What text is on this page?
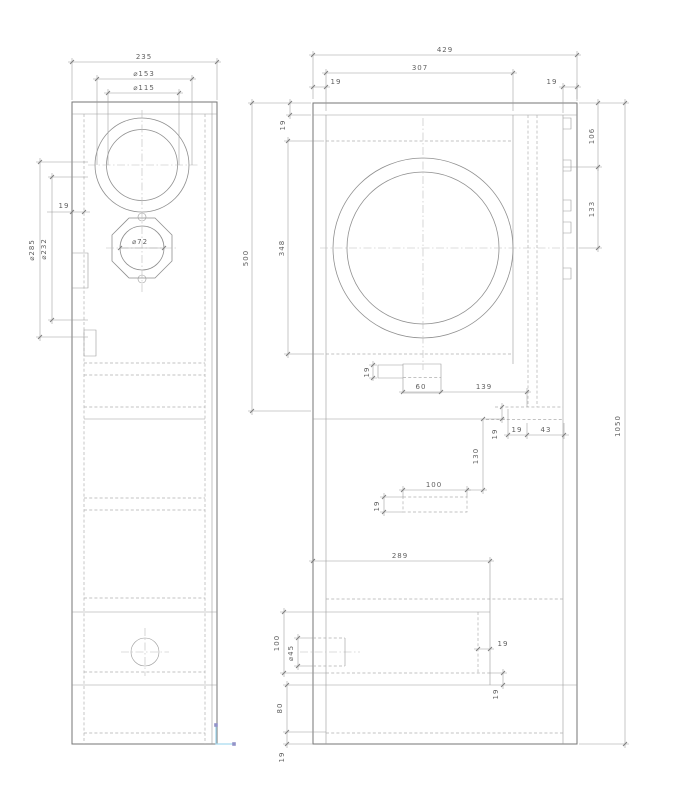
235
⌀153
⌀115
19
⌀285 ⌀232	⌀72
429
307
19	19
19
106
133
500
348
19
60	139
19 19	43
130
100
19
289
100
⌀45
19
19
80
19
1050
